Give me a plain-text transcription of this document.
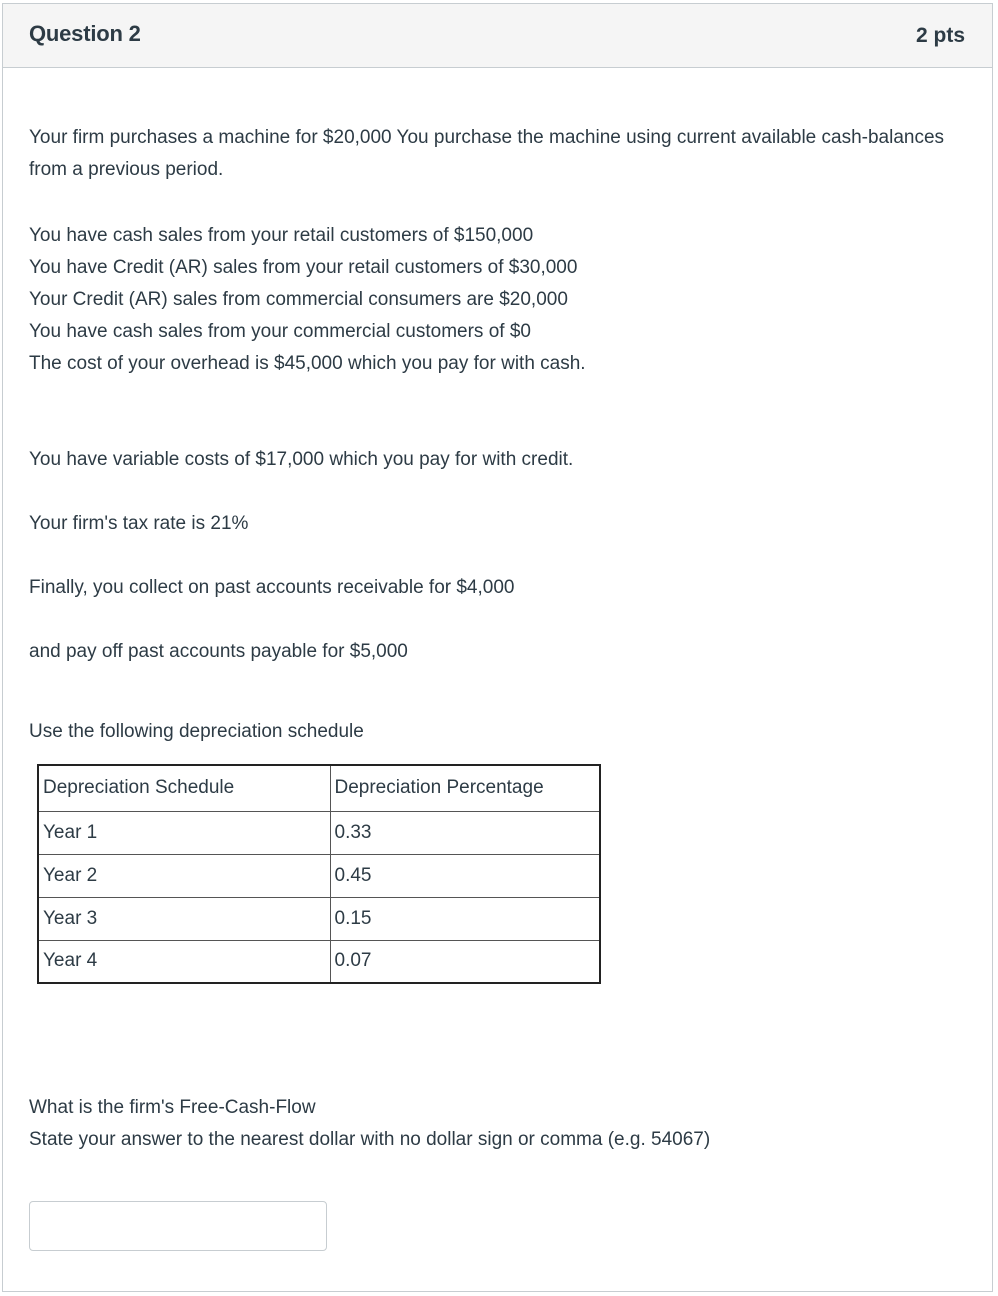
Question 2	2 pts
Your firm purchases a machine for $20,000 You purchase the machine using current available cash-balances from a previous period.
You have cash sales from your retail customers of $150,000
You have Credit (AR) sales from your retail customers of $30,000
Your Credit (AR) sales from commercial consumers are $20,000
You have cash sales from your commercial customers of $0
The cost of your overhead is $45,000 which you pay for with cash.
You have variable costs of $17,000 which you pay for with credit.
Your firm's tax rate is 21%
Finally, you collect on past accounts receivable for $4,000
and pay off past accounts payable for $5,000
Use the following depreciation schedule
Depreciation Schedule	Depreciation Percentage
Year 1	0.33
Year 2	0.45
Year 3	0.15
Year 4	0.07
What is the firm's Free-Cash-Flow
State your answer to the nearest dollar with no dollar sign or comma (e.g. 54067)
